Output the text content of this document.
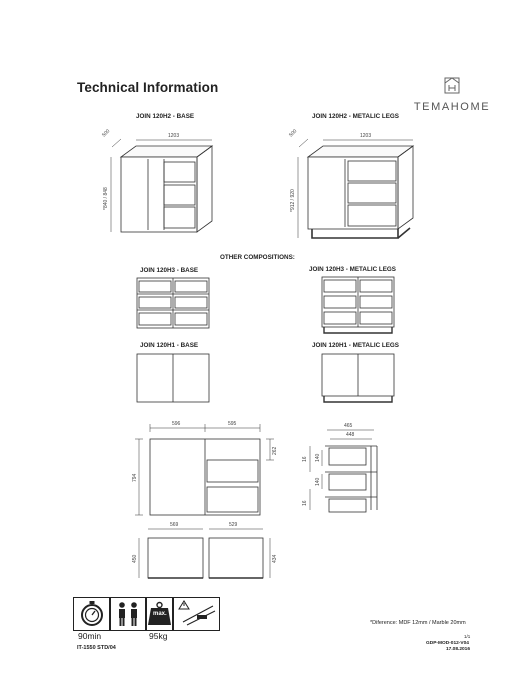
Technical Information
TEMAHOME
JOIN 120H2 - BASE	JOIN 120H2 - METALIC LEGS
OTHER COMPOSITIONS:
JOIN 120H3 - BASE	JOIN 120H3 - METALIC LEGS
JOIN 120H1 - BASE	JOIN 120H1 - METALIC LEGS
1203
500
*840 / 848
1203
500
*912 / 920
596	595
794
262
465
448
16 140
140
16
569	529
450	434
max.
90min	95kg
*Diference: MDF 12mm / Marble 20mm
IT-1550 STD/04
1/1
GDP-MOD-012-V04
17.08.2016
